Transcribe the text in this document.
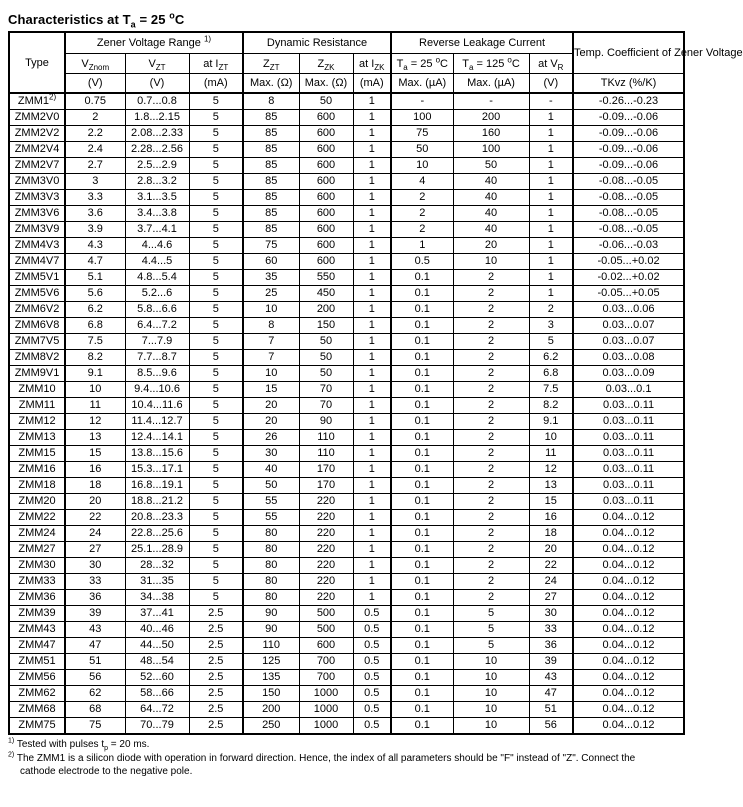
Characteristics at $T_a = 25$ $^o$C
Type	Zener Voltage Range $^{1)}$			Dynamic Resistance			Reverse Leakage Current			Temp. Coefficient of Zener Voltage
	$V_{Znom}$	$V_{ZT}$	at $I_{ZT}$	$Z_{ZT}$	$Z_{ZK}$	at $I_{ZK}$	$T_a = 25$ $^o$C	$T_a = 125$ $^o$C	at $V_R$
	(V)	(V)	(mA)	Max. (Ω)	Max. (Ω)	(mA)	Max. (µA)	Max. (µA)	(V)	TKvz (%/K)
ZMM1$^{2)}$	0.75	0.7...0.8	5	8	50	1	-	-	-	-0.26...-0.23
ZMM2V0	2	1.8...2.15	5	85	600	1	100	200	1	-0.09...-0.06
ZMM2V2	2.2	2.08...2.33	5	85	600	1	75	160	1	-0.09...-0.06
ZMM2V4	2.4	2.28...2.56	5	85	600	1	50	100	1	-0.09...-0.06
ZMM2V7	2.7	2.5...2.9	5	85	600	1	10	50	1	-0.09...-0.06
ZMM3V0	3	2.8...3.2	5	85	600	1	4	40	1	-0.08...-0.05
ZMM3V3	3.3	3.1...3.5	5	85	600	1	2	40	1	-0.08...-0.05
ZMM3V6	3.6	3.4...3.8	5	85	600	1	2	40	1	-0.08...-0.05
ZMM3V9	3.9	3.7...4.1	5	85	600	1	2	40	1	-0.08...-0.05
ZMM4V3	4.3	4...4.6	5	75	600	1	1	20	1	-0.06...-0.03
ZMM4V7	4.7	4.4...5	5	60	600	1	0.5	10	1	-0.05...+0.02
ZMM5V1	5.1	4.8...5.4	5	35	550	1	0.1	2	1	-0.02...+0.02
ZMM5V6	5.6	5.2...6	5	25	450	1	0.1	2	1	-0.05...+0.05
ZMM6V2	6.2	5.8...6.6	5	10	200	1	0.1	2	2	0.03...0.06
ZMM6V8	6.8	6.4...7.2	5	8	150	1	0.1	2	3	0.03...0.07
ZMM7V5	7.5	7...7.9	5	7	50	1	0.1	2	5	0.03...0.07
ZMM8V2	8.2	7.7...8.7	5	7	50	1	0.1	2	6.2	0.03...0.08
ZMM9V1	9.1	8.5...9.6	5	10	50	1	0.1	2	6.8	0.03...0.09
ZMM10	10	9.4...10.6	5	15	70	1	0.1	2	7.5	0.03...0.1
ZMM11	11	10.4...11.6	5	20	70	1	0.1	2	8.2	0.03...0.11
ZMM12	12	11.4...12.7	5	20	90	1	0.1	2	9.1	0.03...0.11
ZMM13	13	12.4...14.1	5	26	110	1	0.1	2	10	0.03...0.11
ZMM15	15	13.8...15.6	5	30	110	1	0.1	2	11	0.03...0.11
ZMM16	16	15.3...17.1	5	40	170	1	0.1	2	12	0.03...0.11
ZMM18	18	16.8...19.1	5	50	170	1	0.1	2	13	0.03...0.11
ZMM20	20	18.8...21.2	5	55	220	1	0.1	2	15	0.03...0.11
ZMM22	22	20.8...23.3	5	55	220	1	0.1	2	16	0.04...0.12
ZMM24	24	22.8...25.6	5	80	220	1	0.1	2	18	0.04...0.12
ZMM27	27	25.1...28.9	5	80	220	1	0.1	2	20	0.04...0.12
ZMM30	30	28...32	5	80	220	1	0.1	2	22	0.04...0.12
ZMM33	33	31...35	5	80	220	1	0.1	2	24	0.04...0.12
ZMM36	36	34...38	5	80	220	1	0.1	2	27	0.04...0.12
ZMM39	39	37...41	2.5	90	500	0.5	0.1	5	30	0.04...0.12
ZMM43	43	40...46	2.5	90	500	0.5	0.1	5	33	0.04...0.12
ZMM47	47	44...50	2.5	110	600	0.5	0.1	5	36	0.04...0.12
ZMM51	51	48...54	2.5	125	700	0.5	0.1	10	39	0.04...0.12
ZMM56	56	52...60	2.5	135	700	0.5	0.1	10	43	0.04...0.12
ZMM62	62	58...66	2.5	150	1000	0.5	0.1	10	47	0.04...0.12
ZMM68	68	64...72	2.5	200	1000	0.5	0.1	10	51	0.04...0.12
ZMM75	75	70...79	2.5	250	1000	0.5	0.1	10	56	0.04...0.12

$^{1)}$ Tested with pulses $t_p = 20$ ms.

$^{2)}$ The ZMM1 is a silicon diode with operation in forward direction. Hence, the index of all parameters should be "F" instead of "Z". Connect the cathode electrode to the negative pole.
